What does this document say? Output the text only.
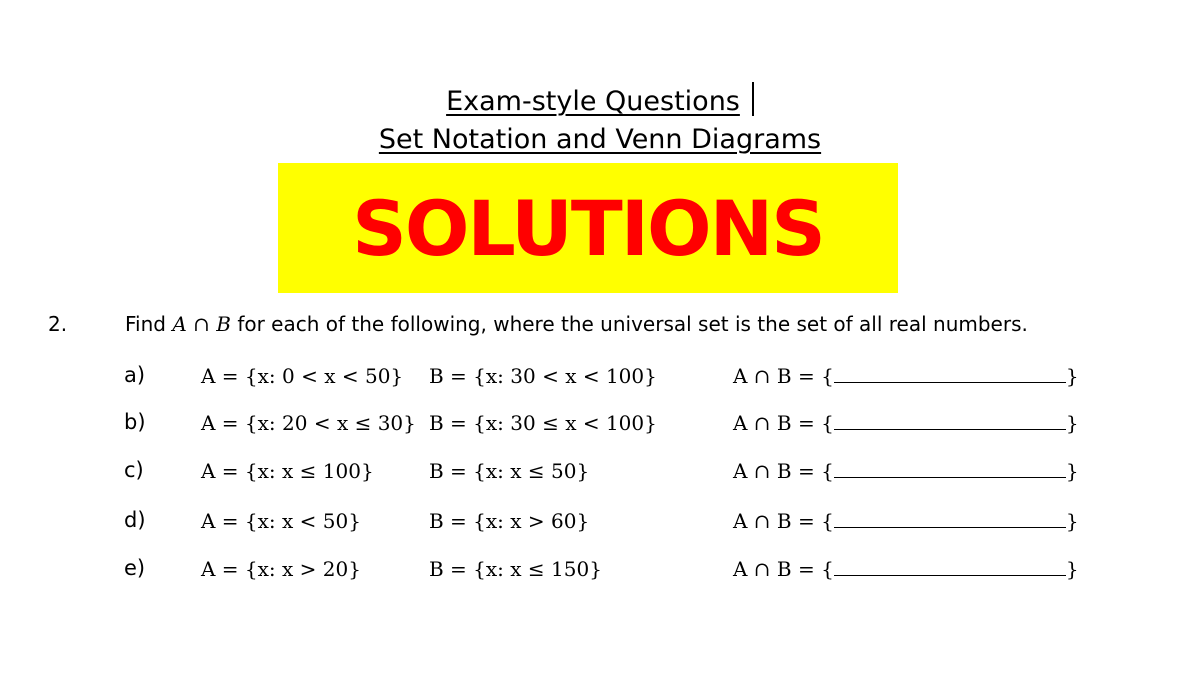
Exam-style Questions
Set Notation and Venn Diagrams
SOLUTIONS
2.	Find A ∩ B for each of the following, where the universal set is the set of all real numbers.
a)	A = {x: 0 < x < 50} B = {x: 30 < x < 100}	A ∩ B = {	}
b)	A = {x: 20 < x ≤ 30} B = {x: 30 ≤ x < 100}	A ∩ B = {	}
c)	A = {x: x ≤ 100}	B = {x: x ≤ 50}	A ∩ B = {	}
d)	A = {x: x < 50}	B = {x: x > 60}	A ∩ B = {	}
e)	A = {x: x > 20}	B = {x: x ≤ 150}	A ∩ B = {	}
